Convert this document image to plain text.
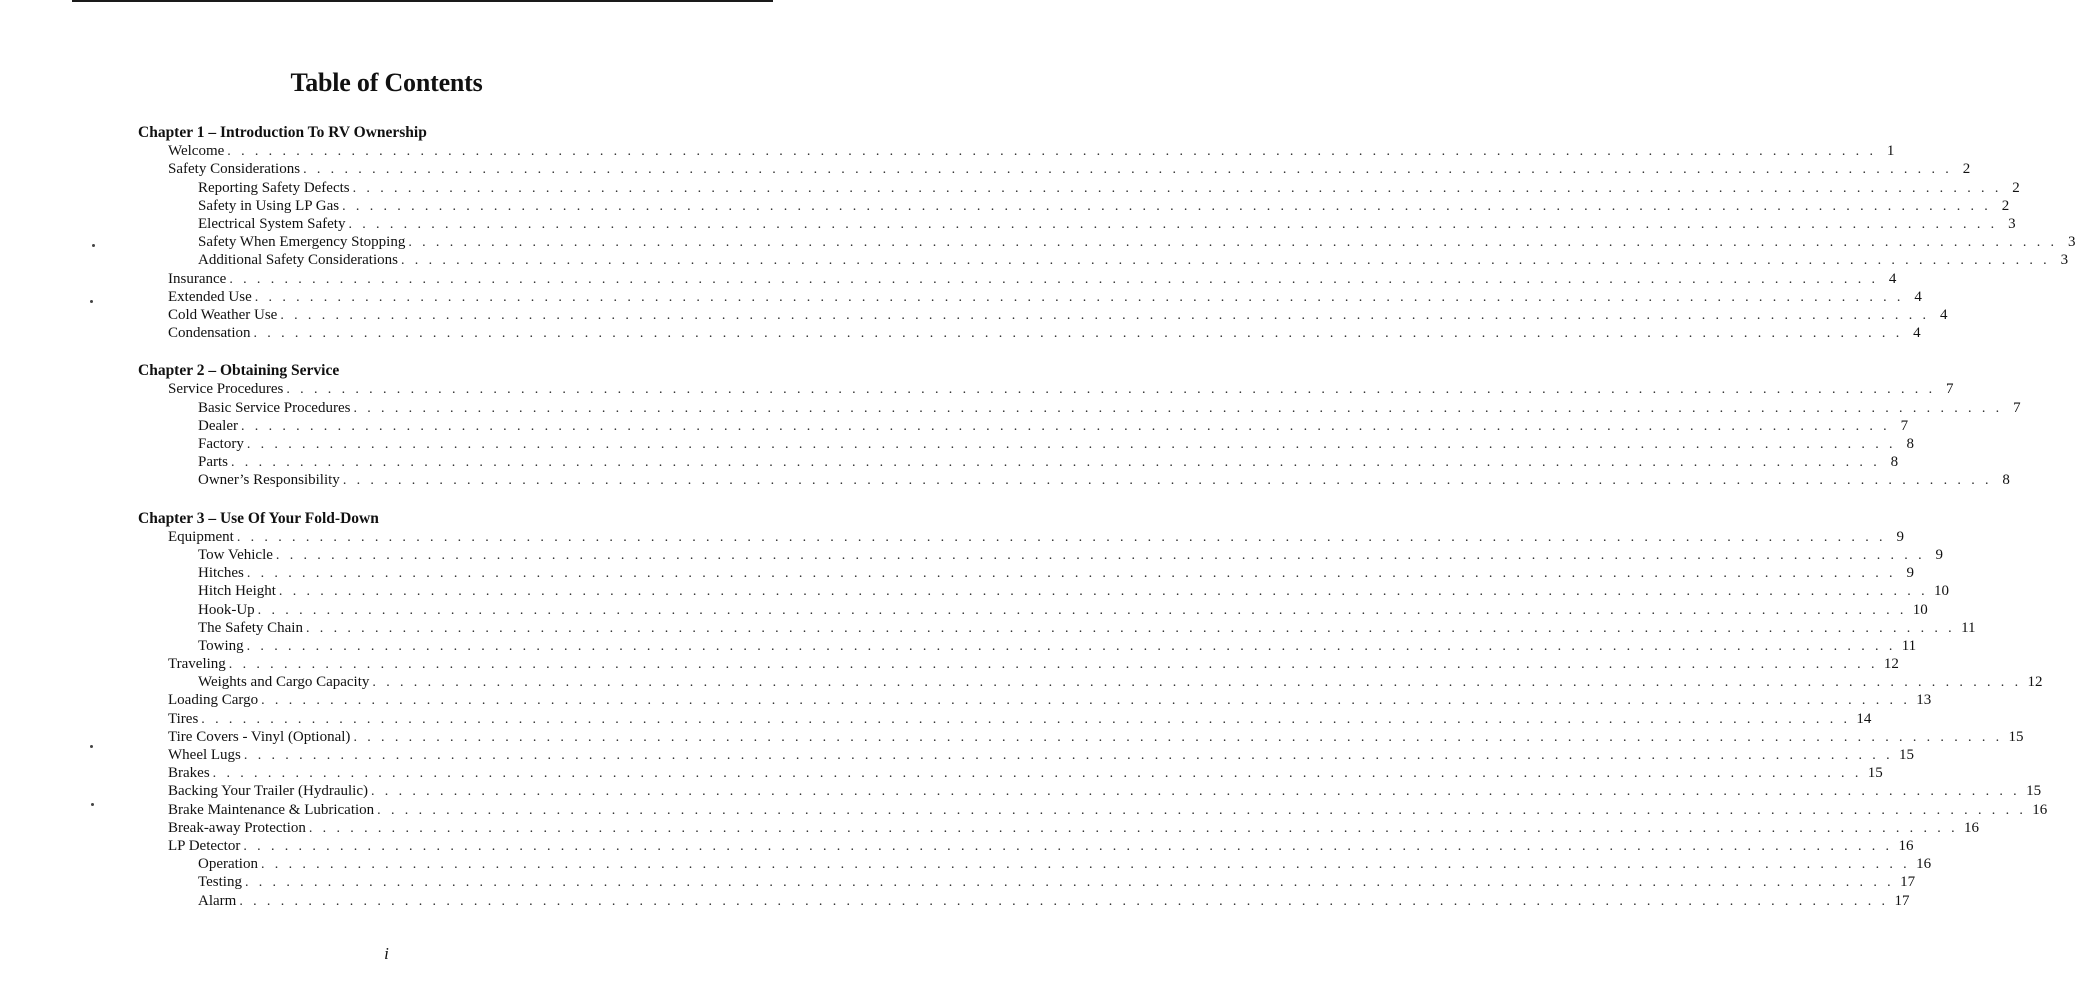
Table of Contents
Chapter 1 – Introduction To RV Ownership
Welcome . . . . . . . . . . . . . . . . . . . . . . . . . . . . . . . . . . . . . . . . . . . . . . . . . . . . . . . . . . . . . . . . . . . . . . . . . . . . . . . . . . . . . . . . . . . . . . . . . . . . . . . . . . . . . . . . . . . . . . . . 1
Safety Considerations . . . . . . . . . . . . . . . . . . . . . . . . . . . . . . . . . . . . . . . . . . . . . . . . . . . . . . . . . . . . . . . . . . . . . . . . . . . . . . . . . . . . . . . . . . . . . . . . . . . . . . . . . . . . . . . . . . . . . . . . 2
Reporting Safety Defects . . . . . . . . . . . . . . . . . . . . . . . . . . . . . . . . . . . . . . . . . . . . . . . . . . . . . . . . . . . . . . . . . . . . . . . . . . . . . . . . . . . . . . . . . . . . . . . . . . . . . . . . . . . . . . . . . . . . . . . . 2
Safety in Using LP Gas . . . . . . . . . . . . . . . . . . . . . . . . . . . . . . . . . . . . . . . . . . . . . . . . . . . . . . . . . . . . . . . . . . . . . . . . . . . . . . . . . . . . . . . . . . . . . . . . . . . . . . . . . . . . . . . . . . . . . . . . 2
Electrical System Safety . . . . . . . . . . . . . . . . . . . . . . . . . . . . . . . . . . . . . . . . . . . . . . . . . . . . . . . . . . . . . . . . . . . . . . . . . . . . . . . . . . . . . . . . . . . . . . . . . . . . . . . . . . . . . . . . . . . . . . . . 3
Safety When Emergency Stopping . . . . . . . . . . . . . . . . . . . . . . . . . . . . . . . . . . . . . . . . . . . . . . . . . . . . . . . . . . . . . . . . . . . . . . . . . . . . . . . . . . . . . . . . . . . . . . . . . . . . . . . . . . . . . . . . . . . . . . . . 3
Additional Safety Considerations . . . . . . . . . . . . . . . . . . . . . . . . . . . . . . . . . . . . . . . . . . . . . . . . . . . . . . . . . . . . . . . . . . . . . . . . . . . . . . . . . . . . . . . . . . . . . . . . . . . . . . . . . . . . . . . . . . . . . . . . 3
Insurance . . . . . . . . . . . . . . . . . . . . . . . . . . . . . . . . . . . . . . . . . . . . . . . . . . . . . . . . . . . . . . . . . . . . . . . . . . . . . . . . . . . . . . . . . . . . . . . . . . . . . . . . . . . . . . . . . . . . . . . . 4
Extended Use . . . . . . . . . . . . . . . . . . . . . . . . . . . . . . . . . . . . . . . . . . . . . . . . . . . . . . . . . . . . . . . . . . . . . . . . . . . . . . . . . . . . . . . . . . . . . . . . . . . . . . . . . . . . . . . . . . . . . . . . 4
Cold Weather Use . . . . . . . . . . . . . . . . . . . . . . . . . . . . . . . . . . . . . . . . . . . . . . . . . . . . . . . . . . . . . . . . . . . . . . . . . . . . . . . . . . . . . . . . . . . . . . . . . . . . . . . . . . . . . . . . . . . . . . . . 4
Condensation . . . . . . . . . . . . . . . . . . . . . . . . . . . . . . . . . . . . . . . . . . . . . . . . . . . . . . . . . . . . . . . . . . . . . . . . . . . . . . . . . . . . . . . . . . . . . . . . . . . . . . . . . . . . . . . . . . . . . . . . 4
Chapter 2 – Obtaining Service
Service Procedures . . . . . . . . . . . . . . . . . . . . . . . . . . . . . . . . . . . . . . . . . . . . . . . . . . . . . . . . . . . . . . . . . . . . . . . . . . . . . . . . . . . . . . . . . . . . . . . . . . . . . . . . . . . . . . . . . . . . . . . . 7
Basic Service Procedures . . . . . . . . . . . . . . . . . . . . . . . . . . . . . . . . . . . . . . . . . . . . . . . . . . . . . . . . . . . . . . . . . . . . . . . . . . . . . . . . . . . . . . . . . . . . . . . . . . . . . . . . . . . . . . . . . . . . . . . . 7
Dealer . . . . . . . . . . . . . . . . . . . . . . . . . . . . . . . . . . . . . . . . . . . . . . . . . . . . . . . . . . . . . . . . . . . . . . . . . . . . . . . . . . . . . . . . . . . . . . . . . . . . . . . . . . . . . . . . . . . . . . . . 7
Factory . . . . . . . . . . . . . . . . . . . . . . . . . . . . . . . . . . . . . . . . . . . . . . . . . . . . . . . . . . . . . . . . . . . . . . . . . . . . . . . . . . . . . . . . . . . . . . . . . . . . . . . . . . . . . . . . . . . . . . . . 8
Parts . . . . . . . . . . . . . . . . . . . . . . . . . . . . . . . . . . . . . . . . . . . . . . . . . . . . . . . . . . . . . . . . . . . . . . . . . . . . . . . . . . . . . . . . . . . . . . . . . . . . . . . . . . . . . . . . . . . . . . . . 8
Owner’s Responsibility . . . . . . . . . . . . . . . . . . . . . . . . . . . . . . . . . . . . . . . . . . . . . . . . . . . . . . . . . . . . . . . . . . . . . . . . . . . . . . . . . . . . . . . . . . . . . . . . . . . . . . . . . . . . . . . . . . . . . . . . 8
Chapter 3 – Use Of Your Fold-Down
Equipment . . . . . . . . . . . . . . . . . . . . . . . . . . . . . . . . . . . . . . . . . . . . . . . . . . . . . . . . . . . . . . . . . . . . . . . . . . . . . . . . . . . . . . . . . . . . . . . . . . . . . . . . . . . . . . . . . . . . . . . . 9
Tow Vehicle . . . . . . . . . . . . . . . . . . . . . . . . . . . . . . . . . . . . . . . . . . . . . . . . . . . . . . . . . . . . . . . . . . . . . . . . . . . . . . . . . . . . . . . . . . . . . . . . . . . . . . . . . . . . . . . . . . . . . . . . 9
Hitches . . . . . . . . . . . . . . . . . . . . . . . . . . . . . . . . . . . . . . . . . . . . . . . . . . . . . . . . . . . . . . . . . . . . . . . . . . . . . . . . . . . . . . . . . . . . . . . . . . . . . . . . . . . . . . . . . . . . . . . . 9
Hitch Height . . . . . . . . . . . . . . . . . . . . . . . . . . . . . . . . . . . . . . . . . . . . . . . . . . . . . . . . . . . . . . . . . . . . . . . . . . . . . . . . . . . . . . . . . . . . . . . . . . . . . . . . . . . . . . . . . . . . . . . . 10
Hook-Up . . . . . . . . . . . . . . . . . . . . . . . . . . . . . . . . . . . . . . . . . . . . . . . . . . . . . . . . . . . . . . . . . . . . . . . . . . . . . . . . . . . . . . . . . . . . . . . . . . . . . . . . . . . . . . . . . . . . . . . . 10
The Safety Chain . . . . . . . . . . . . . . . . . . . . . . . . . . . . . . . . . . . . . . . . . . . . . . . . . . . . . . . . . . . . . . . . . . . . . . . . . . . . . . . . . . . . . . . . . . . . . . . . . . . . . . . . . . . . . . . . . . . . . . . . 11
Towing . . . . . . . . . . . . . . . . . . . . . . . . . . . . . . . . . . . . . . . . . . . . . . . . . . . . . . . . . . . . . . . . . . . . . . . . . . . . . . . . . . . . . . . . . . . . . . . . . . . . . . . . . . . . . . . . . . . . . . . . 11
Traveling . . . . . . . . . . . . . . . . . . . . . . . . . . . . . . . . . . . . . . . . . . . . . . . . . . . . . . . . . . . . . . . . . . . . . . . . . . . . . . . . . . . . . . . . . . . . . . . . . . . . . . . . . . . . . . . . . . . . . . . . 12
Weights and Cargo Capacity . . . . . . . . . . . . . . . . . . . . . . . . . . . . . . . . . . . . . . . . . . . . . . . . . . . . . . . . . . . . . . . . . . . . . . . . . . . . . . . . . . . . . . . . . . . . . . . . . . . . . . . . . . . . . . . . . . . . . . . . 12
Loading Cargo . . . . . . . . . . . . . . . . . . . . . . . . . . . . . . . . . . . . . . . . . . . . . . . . . . . . . . . . . . . . . . . . . . . . . . . . . . . . . . . . . . . . . . . . . . . . . . . . . . . . . . . . . . . . . . . . . . . . . . . . 13
Tires . . . . . . . . . . . . . . . . . . . . . . . . . . . . . . . . . . . . . . . . . . . . . . . . . . . . . . . . . . . . . . . . . . . . . . . . . . . . . . . . . . . . . . . . . . . . . . . . . . . . . . . . . . . . . . . . . . . . . . . . 14
Tire Covers - Vinyl (Optional) . . . . . . . . . . . . . . . . . . . . . . . . . . . . . . . . . . . . . . . . . . . . . . . . . . . . . . . . . . . . . . . . . . . . . . . . . . . . . . . . . . . . . . . . . . . . . . . . . . . . . . . . . . . . . . . . . . . . . . . . 15
Wheel Lugs . . . . . . . . . . . . . . . . . . . . . . . . . . . . . . . . . . . . . . . . . . . . . . . . . . . . . . . . . . . . . . . . . . . . . . . . . . . . . . . . . . . . . . . . . . . . . . . . . . . . . . . . . . . . . . . . . . . . . . . . 15
Brakes . . . . . . . . . . . . . . . . . . . . . . . . . . . . . . . . . . . . . . . . . . . . . . . . . . . . . . . . . . . . . . . . . . . . . . . . . . . . . . . . . . . . . . . . . . . . . . . . . . . . . . . . . . . . . . . . . . . . . . . . 15
Backing Your Trailer (Hydraulic) . . . . . . . . . . . . . . . . . . . . . . . . . . . . . . . . . . . . . . . . . . . . . . . . . . . . . . . . . . . . . . . . . . . . . . . . . . . . . . . . . . . . . . . . . . . . . . . . . . . . . . . . . . . . . . . . . . . . . . . . 15
Brake Maintenance & Lubrication . . . . . . . . . . . . . . . . . . . . . . . . . . . . . . . . . . . . . . . . . . . . . . . . . . . . . . . . . . . . . . . . . . . . . . . . . . . . . . . . . . . . . . . . . . . . . . . . . . . . . . . . . . . . . . . . . . . . . . . . 16
Break-away Protection . . . . . . . . . . . . . . . . . . . . . . . . . . . . . . . . . . . . . . . . . . . . . . . . . . . . . . . . . . . . . . . . . . . . . . . . . . . . . . . . . . . . . . . . . . . . . . . . . . . . . . . . . . . . . . . . . . . . . . . . 16
LP Detector . . . . . . . . . . . . . . . . . . . . . . . . . . . . . . . . . . . . . . . . . . . . . . . . . . . . . . . . . . . . . . . . . . . . . . . . . . . . . . . . . . . . . . . . . . . . . . . . . . . . . . . . . . . . . . . . . . . . . . . . 16
Operation . . . . . . . . . . . . . . . . . . . . . . . . . . . . . . . . . . . . . . . . . . . . . . . . . . . . . . . . . . . . . . . . . . . . . . . . . . . . . . . . . . . . . . . . . . . . . . . . . . . . . . . . . . . . . . . . . . . . . . . . 16
Testing . . . . . . . . . . . . . . . . . . . . . . . . . . . . . . . . . . . . . . . . . . . . . . . . . . . . . . . . . . . . . . . . . . . . . . . . . . . . . . . . . . . . . . . . . . . . . . . . . . . . . . . . . . . . . . . . . . . . . . . . 17
Alarm . . . . . . . . . . . . . . . . . . . . . . . . . . . . . . . . . . . . . . . . . . . . . . . . . . . . . . . . . . . . . . . . . . . . . . . . . . . . . . . . . . . . . . . . . . . . . . . . . . . . . . . . . . . . . . . . . . . . . . . . 17
i
